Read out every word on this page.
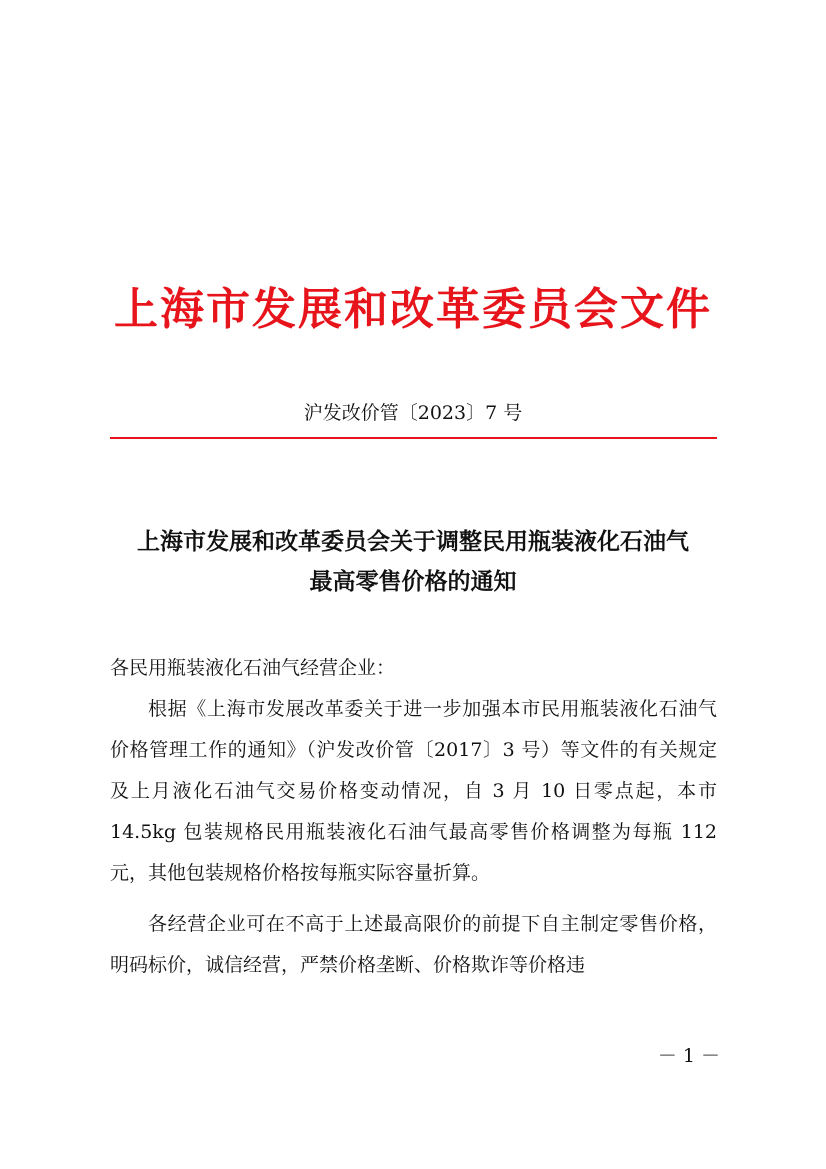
上海市发展和改革委员会文件
沪发改价管〔2023〕7 号
上海市发展和改革委员会关于调整民用瓶装液化石油气
最高零售价格的通知

各民用瓶装液化石油气经营企业：

根据《上海市发展改革委关于进一步加强本市民用瓶装液化石油气价格管理工作的通知》（沪发改价管〔2017〕3 号）等文件的有关规定及上月液化石油气交易价格变动情况，自 3 月 10 日零点起，本市 14.5kg 包装规格民用瓶装液化石油气最高零售价格调整为每瓶 112 元，其他包装规格价格按每瓶实际容量折算。

各经营企业可在不高于上述最高限价的前提下自主制定零售价格，明码标价，诚信经营，严禁价格垄断、价格欺诈等价格违

－ 1 －
